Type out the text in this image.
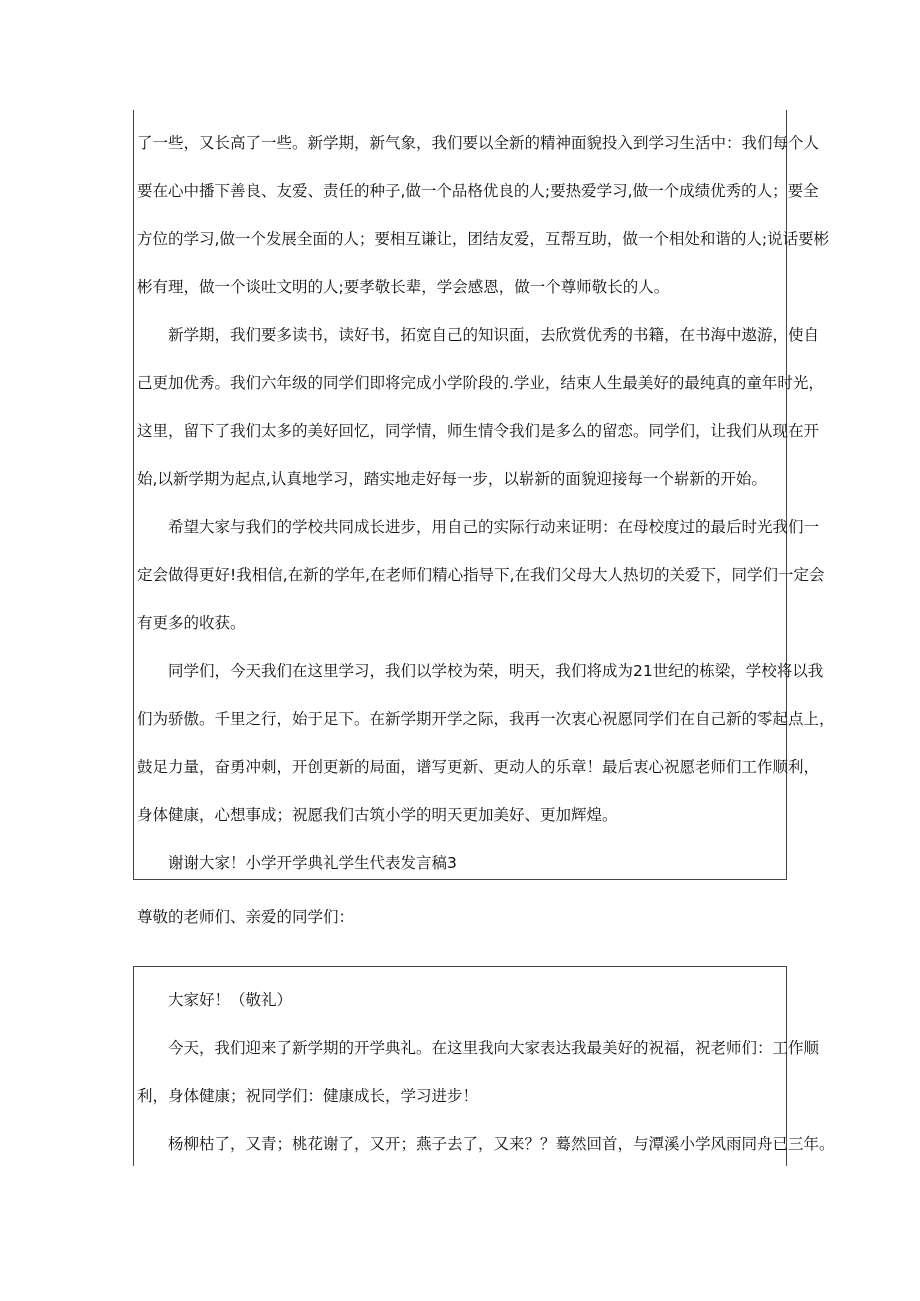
了一些，又长高了一些。新学期，新气象，我们要以全新的精神面貌投入到学习生活中：我们每个人
要在心中播下善良、友爱、责任的种子,做一个品格优良的人;要热爱学习,做一个成绩优秀的人；要全
方位的学习,做一个发展全面的人；要相互谦让，团结友爱，互帮互助，做一个相处和谐的人;说话要彬
彬有理，做一个谈吐文明的人;要孝敬长辈，学会感恩，做一个尊师敬长的人。
新学期，我们要多读书，读好书，拓宽自己的知识面，去欣赏优秀的书籍，在书海中遨游，使自
己更加优秀。我们六年级的同学们即将完成小学阶段的.学业，结束人生最美好的最纯真的童年时光，
这里，留下了我们太多的美好回忆，同学情，师生情令我们是多么的留恋。同学们，让我们从现在开
始,以新学期为起点,认真地学习，踏实地走好每一步，以崭新的面貌迎接每一个崭新的开始。
希望大家与我们的学校共同成长进步，用自己的实际行动来证明：在母校度过的最后时光我们一
定会做得更好!我相信,在新的学年,在老师们精心指导下,在我们父母大人热切的关爱下，同学们一定会
有更多的收获。
同学们，今天我们在这里学习，我们以学校为荣，明天，我们将成为21世纪的栋梁，学校将以我
们为骄傲。千里之行，始于足下。在新学期开学之际，我再一次衷心祝愿同学们在自己新的零起点上，
鼓足力量，奋勇冲刺，开创更新的局面，谱写更新、更动人的乐章！最后衷心祝愿老师们工作顺利，
身体健康，心想事成；祝愿我们古筑小学的明天更加美好、更加辉煌。
谢谢大家！小学开学典礼学生代表发言稿3
尊敬的老师们、亲爱的同学们：
大家好！（敬礼）
今天，我们迎来了新学期的开学典礼。在这里我向大家表达我最美好的祝福，祝老师们：工作顺
利，身体健康；祝同学们：健康成长，学习进步！
杨柳枯了，又青；桃花谢了，又开；燕子去了，又来？？蓦然回首，与潭溪小学风雨同舟已三年。
